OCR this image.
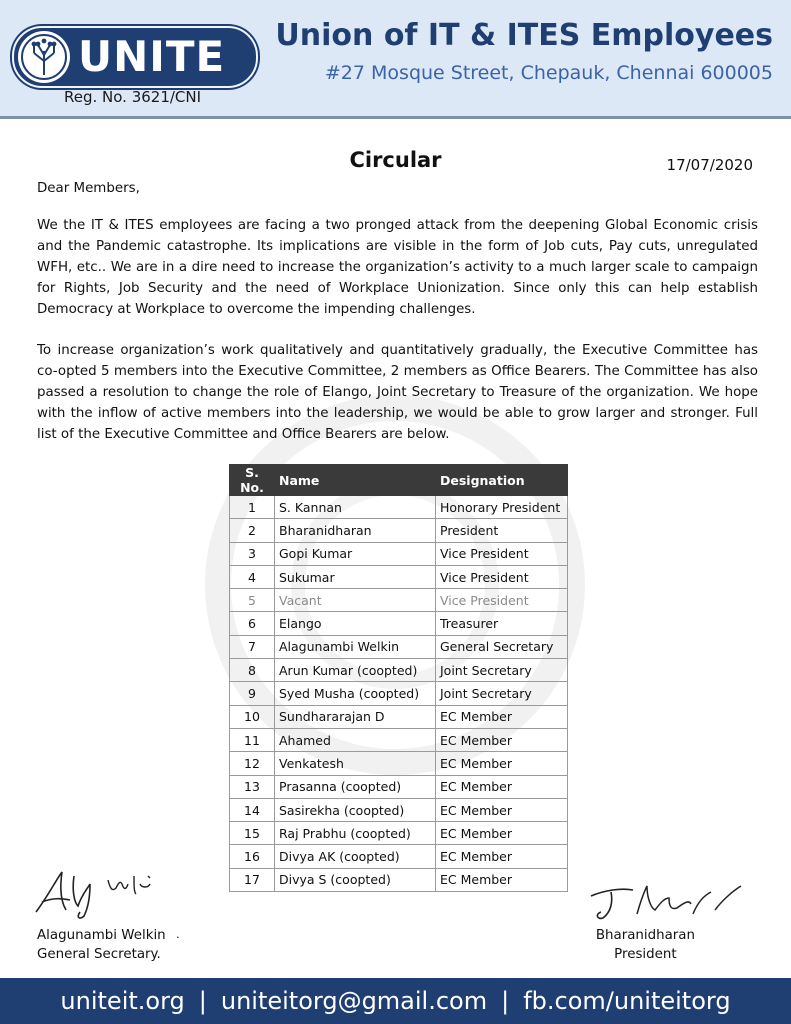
UNITE
Reg. No. 3621/CNI
Union of IT & ITES Employees
#27 Mosque Street, Chepauk, Chennai 600005
Circular	17/07/2020
Dear Members,

We the IT & ITES employees are facing a two pronged attack from the deepening Global Economic crisis and the Pandemic catastrophe. Its implications are visible in the form of Job cuts, Pay cuts, unregulated WFH, etc.. We are in a dire need to increase the organization’s activity to a much larger scale to campaign for Rights, Job Security and the need of Workplace Unionization. Since only this can help establish Democracy at Workplace to overcome the impending challenges.

To increase organization’s work qualitatively and quantitatively gradually, the Executive Committee has co-opted 5 members into the Executive Committee, 2 members as Office Bearers. The Committee has also passed a resolution to change the role of Elango, Joint Secretary to Treasure of the organization. We hope with the inflow of active members into the leadership, we would be able to grow larger and stronger. Full list of the Executive Committee and Office Bearers are below.

S. No.	Name	Designation
1	S. Kannan	Honorary President
2	Bharanidharan	President
3	Gopi Kumar	Vice President
4	Sukumar	Vice President
5	Vacant	Vice President
6	Elango	Treasurer
7	Alagunambi Welkin	General Secretary
8	Arun Kumar (coopted)	Joint Secretary
9	Syed Musha (coopted)	Joint Secretary
10	Sundhararajan D	EC Member
11	Ahamed	EC Member
12	Venkatesh	EC Member
13	Prasanna (coopted)	EC Member
14	Sasirekha (coopted)	EC Member
15	Raj Prabhu (coopted)	EC Member
16	Divya AK (coopted)	EC Member
17	Divya S (coopted)	EC Member
Alagunambi Welkin
General Secretary.
.	Bharanidharan
President
uniteit.org | uniteitorg@gmail.com | fb.com/uniteitorg
